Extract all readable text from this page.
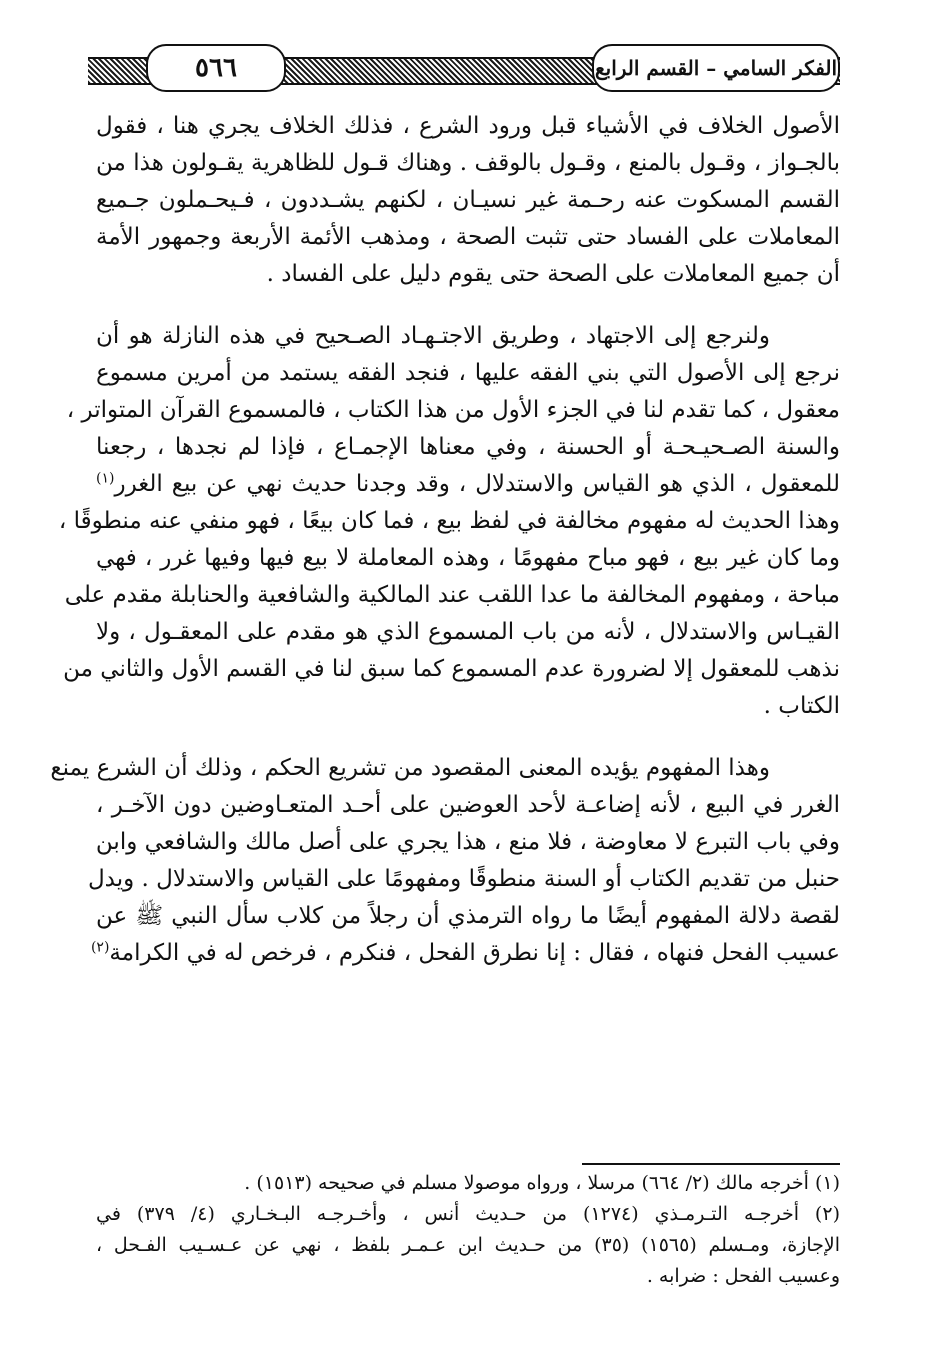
٥٦٦	الفكر السامي – القسم الرابع
الأصول الخلاف في الأشياء قبل ورود الشرع ، فذلك الخلاف يجري هنا ، فقول
بالجـواز ، وقـول بالمنع ، وقـول بالوقف . وهناك قـول للظاهرية يقـولون هذا من
القسم المسكوت عنه رحـمة غير نسيـان ، لكنهم يشـددون ، فـيحـملون جـميع
المعاملات على الفساد حتى تثبت الصحة ، ومذهب الأئمة الأربعة وجمهور الأمة
أن جميع المعاملات على الصحة حتى يقوم دليل على الفساد .
ولنرجع إلى الاجتهاد ، وطريق الاجتـهـاد الصـحيح في هذه النازلة هو أن
نرجع إلى الأصول التي بني الفقه عليها ، فنجد الفقه يستمد من أمرين مسموع
معقول ، كما تقدم لنا في الجزء الأول من هذا الكتاب ، فالمسموع القرآن المتواتر ،
والسنة الصـحيـحـة أو الحسنة ، وفي معناها الإجمـاع ، فإذا لم نجدها ، رجعنا
للمعقول ، الذي هو القياس والاستدلال ، وقد وجدنا حديث نهي عن بيع الغرر$^{(١)}$
وهذا الحديث له مفهوم مخالفة في لفظ بيع ، فما كان بيعًا ، فهو منفي عنه منطوقًا ،
وما كان غير بيع ، فهو مباح مفهومًا ، وهذه المعاملة لا بيع فيها وفيها غرر ، فهي
مباحة ، ومفهوم المخالفة ما عدا اللقب عند المالكية والشافعية والحنابلة مقدم على
القيـاس والاستدلال ، لأنه من باب المسموع الذي هو مقدم على المعقـول ، ولا
نذهب للمعقول إلا لضرورة عدم المسموع كما سبق لنا في القسم الأول والثاني من
الكتاب .
وهذا المفهوم يؤيده المعنى المقصود من تشريع الحكم ، وذلك أن الشرع يمنع
الغرر في البيع ، لأنه إضاعـة لأحد العوضين على أحـد المتعـاوضين دون الآخـر ،
وفي باب التبرع لا معاوضة ، فلا منع ، هذا يجري على أصل مالك والشافعي وابن
حنبل من تقديم الكتاب أو السنة منطوقًا ومفهومًا على القياس والاستدلال . ويدل
لقصة دلالة المفهوم أيضًا ما رواه الترمذي أن رجلاً من كلاب سأل النبي ﷺ عن
عسيب الفحل فنهاه ، فقال : إنا نطرق الفحل ، فنكرم ، فرخص له في الكرامة$^{(٢)}$
(١) أخرجه مالك (٢/ ٦٦٤) مرسلا ، ورواه موصولا مسلم في صحيحه (١٥١٣) .
(٢) أخرجـه التـرمـذي (١٢٧٤) من حـديث أنس ، وأخـرجـه البـخـاري (٤/ ٣٧٩) في
الإجازة، ومـسلم (١٥٦٥) (٣٥) من حـديث ابن عـمـر بلفظ ، نهي عن عـسـيب الفـحل ،
وعسيب الفحل : ضرابه .
